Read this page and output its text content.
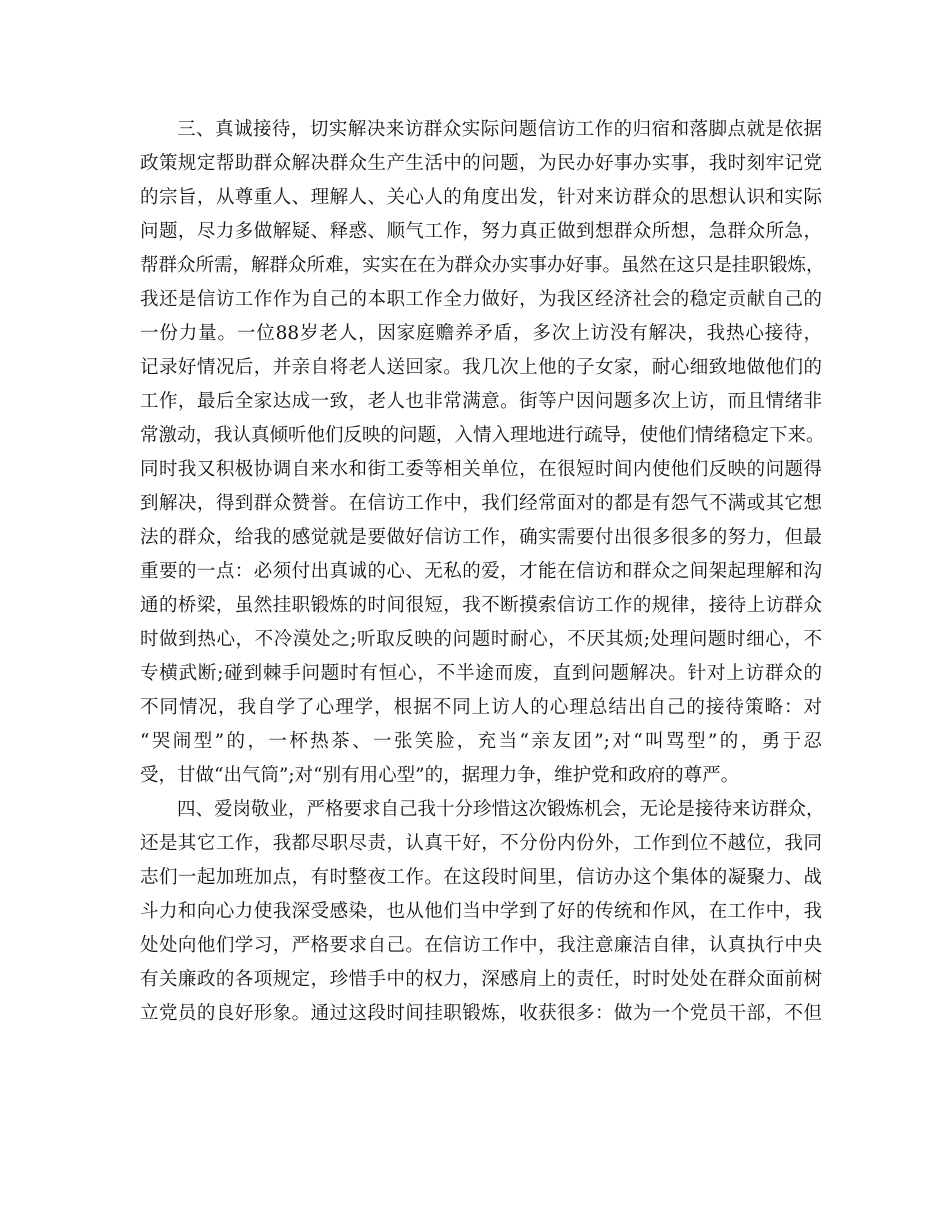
三、真诚接待，切实解决来访群众实际问题信访工作的归宿和落脚点就是依据
政策规定帮助群众解决群众生产生活中的问题，为民办好事办实事，我时刻牢记党
的宗旨，从尊重人、理解人、关心人的角度出发，针对来访群众的思想认识和实际
问题，尽力多做解疑、释惑、顺气工作，努力真正做到想群众所想，急群众所急，
帮群众所需，解群众所难，实实在在为群众办实事办好事。虽然在这只是挂职锻炼，
我还是信访工作作为自己的本职工作全力做好，为我区经济社会的稳定贡献自己的
一份力量。一位88岁老人，因家庭赡养矛盾，多次上访没有解决，我热心接待，
记录好情况后，并亲自将老人送回家。我几次上他的子女家，耐心细致地做他们的
工作，最后全家达成一致，老人也非常满意。街等户因问题多次上访，而且情绪非
常激动，我认真倾听他们反映的问题，入情入理地进行疏导，使他们情绪稳定下来。
同时我又积极协调自来水和街工委等相关单位，在很短时间内使他们反映的问题得
到解决，得到群众赞誉。在信访工作中，我们经常面对的都是有怨气不满或其它想
法的群众，给我的感觉就是要做好信访工作，确实需要付出很多很多的努力，但最
重要的一点：必须付出真诚的心、无私的爱，才能在信访和群众之间架起理解和沟
通的桥梁，虽然挂职锻炼的时间很短，我不断摸索信访工作的规律，接待上访群众
时做到热心，不冷漠处之;听取反映的问题时耐心，不厌其烦;处理问题时细心，不
专横武断;碰到棘手问题时有恒心，不半途而废，直到问题解决。针对上访群众的
不同情况，我自学了心理学，根据不同上访人的心理总结出自己的接待策略：对
“哭闹型”的，一杯热茶、一张笑脸，充当“亲友团”;对“叫骂型”的，勇于忍
受，甘做“出气筒”;对“别有用心型”的，据理力争，维护党和政府的尊严。
四、爱岗敬业，严格要求自己我十分珍惜这次锻炼机会，无论是接待来访群众，
还是其它工作，我都尽职尽责，认真干好，不分份内份外，工作到位不越位，我同
志们一起加班加点，有时整夜工作。在这段时间里，信访办这个集体的凝聚力、战
斗力和向心力使我深受感染，也从他们当中学到了好的传统和作风，在工作中，我
处处向他们学习，严格要求自己。在信访工作中，我注意廉洁自律，认真执行中央
有关廉政的各项规定，珍惜手中的权力，深感肩上的责任，时时处处在群众面前树
立党员的良好形象。通过这段时间挂职锻炼，收获很多：做为一个党员干部，不但
